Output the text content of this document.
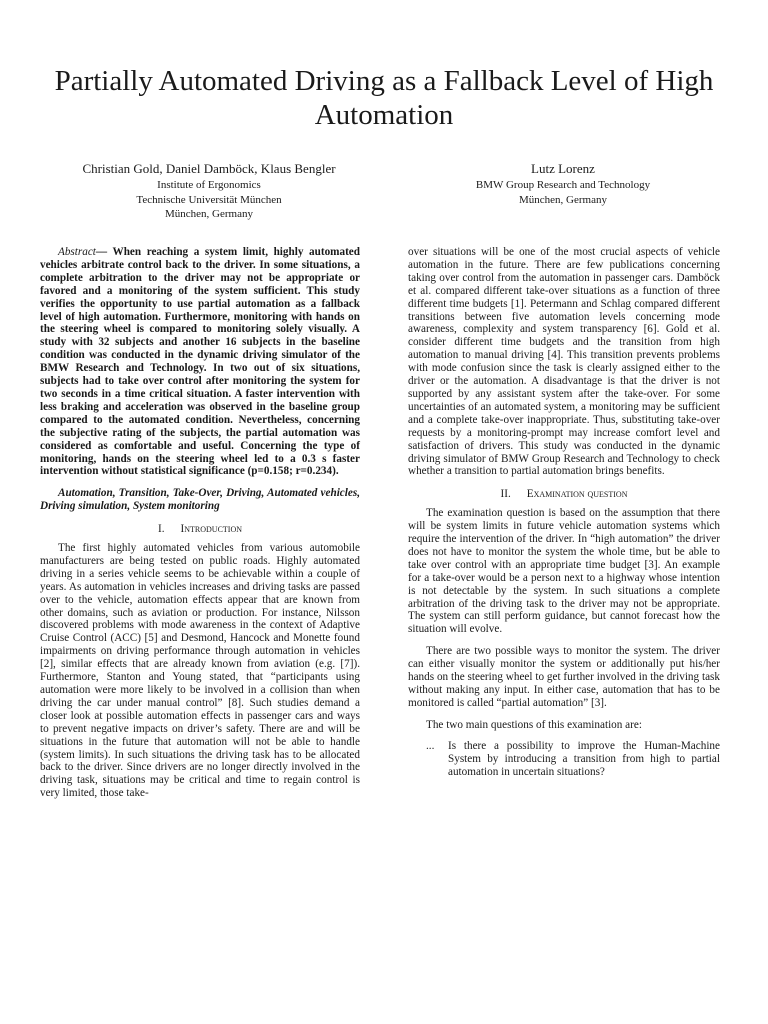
Partially Automated Driving as a Fallback Level of High Automation
Christian Gold, Daniel Damböck, Klaus Bengler
Institute of Ergonomics
Technische Universität München
München, Germany
Lutz Lorenz
BMW Group Research and Technology
München, Germany

Abstract— When reaching a system limit, highly automated vehicles arbitrate control back to the driver. In some situations, a complete arbitration to the driver may not be appropriate or favored and a monitoring of the system sufficient. This study verifies the opportunity to use partial automation as a fallback level of high automation. Furthermore, monitoring with hands on the steering wheel is compared to monitoring solely visually. A study with 32 subjects and another 16 subjects in the baseline condition was conducted in the dynamic driving simulator of the BMW Research and Technology. In two out of six situations, subjects had to take over control after monitoring the system for two seconds in a time critical situation. A faster intervention with less braking and acceleration was observed in the baseline group compared to the automated condition. Nevertheless, concerning the subjective rating of the subjects, the partial automation was considered as comfortable and useful. Concerning the type of monitoring, hands on the steering wheel led to a 0.3 s faster intervention without statistical significance (p=0.158; r=0.234).

Automation, Transition, Take-Over, Driving, Automated vehicles, Driving simulation, System monitoring

I. Introduction

The first highly automated vehicles from various automobile manufacturers are being tested on public roads. Highly automated driving in a series vehicle seems to be achievable within a couple of years. As automation in vehicles increases and driving tasks are passed over to the vehicle, automation effects appear that are known from other domains, such as aviation or production. For instance, Nilsson discovered problems with mode awareness in the context of Adaptive Cruise Control (ACC) [5] and Desmond, Hancock and Monette found impairments on driving performance through automation in vehicles [2], similar effects that are already known from aviation (e.g. [7]). Furthermore, Stanton and Young stated, that “participants using automation were more likely to be involved in a collision than when driving the car under manual control” [8]. Such studies demand a closer look at possible automation effects in passenger cars and ways to prevent negative impacts on driver’s safety. There are and will be situations in the future that automation will not be able to handle (system limits). In such situations the driving task has to be allocated back to the driver. Since drivers are no longer directly involved in the driving task, situations may be critical and time to regain control is very limited, those take-

over situations will be one of the most crucial aspects of vehicle automation in the future. There are few publications concerning taking over control from the automation in passenger cars. Damböck et al. compared different take-over situations as a function of three different time budgets [1]. Petermann and Schlag compared different transitions between five automation levels concerning mode awareness, complexity and system transparency [6]. Gold et al. consider different time budgets and the transition from high automation to manual driving [4]. This transition prevents problems with mode confusion since the task is clearly assigned either to the driver or the automation. A disadvantage is that the driver is not supported by any assistant system after the take-over. For some uncertainties of an automated system, a monitoring may be sufficient and a complete take-over inappropriate. Thus, substituting take-over requests by a monitoring-prompt may increase comfort level and satisfaction of drivers. This study was conducted in the dynamic driving simulator of BMW Group Research and Technology to check whether a transition to partial automation brings benefits.

II. Examination question

The examination question is based on the assumption that there will be system limits in future vehicle automation systems which require the intervention of the driver. In “high automation” the driver does not have to monitor the system the whole time, but be able to take over control with an appropriate time budget [3]. An example for a take-over would be a person next to a highway whose intention is not detectable by the system. In such situations a complete arbitration of the driving task to the driver may not be appropriate. The system can still perform guidance, but cannot forecast how the situation will evolve.

There are two possible ways to monitor the system. The driver can either visually monitor the system or additionally put his/her hands on the steering wheel to get further involved in the driving task without making any input. In either case, automation that has to be monitored is called “partial automation” [3].

The two main questions of this examination are:

... Is there a possibility to improve the Human-Machine System by introducing a transition from high to partial automation in uncertain situations?
